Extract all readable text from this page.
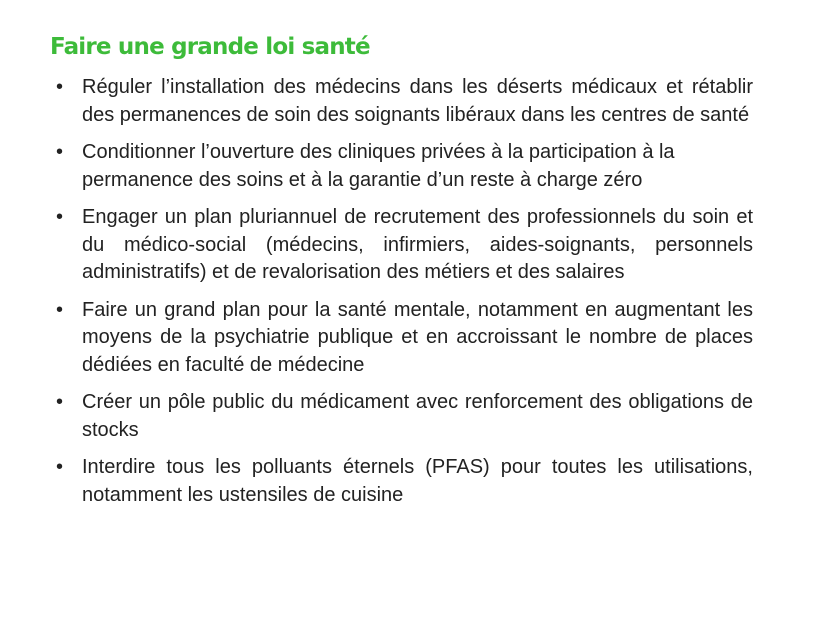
Faire une grande loi santé
• Réguler l’installation des médecins dans les déserts médicaux et rétablir des permanences de soin des soignants libéraux dans les centres de santé
• Conditionner l’ouverture des cliniques privées à la participation à la permanence des soins et à la garantie d’un reste à charge zéro
• Engager un plan pluriannuel de recrutement des professionnels du soin et du médico-social (médecins, infirmiers, aides-soignants, personnels administratifs) et de revalorisation des métiers et des salaires
• Faire un grand plan pour la santé mentale, notamment en augmentant les moyens de la psychiatrie publique et en accroissant le nombre de places dédiées en faculté de médecine
• Créer un pôle public du médicament avec renforcement des obligations de stocks
• Interdire tous les polluants éternels (PFAS) pour toutes les utilisations, notamment les ustensiles de cuisine
